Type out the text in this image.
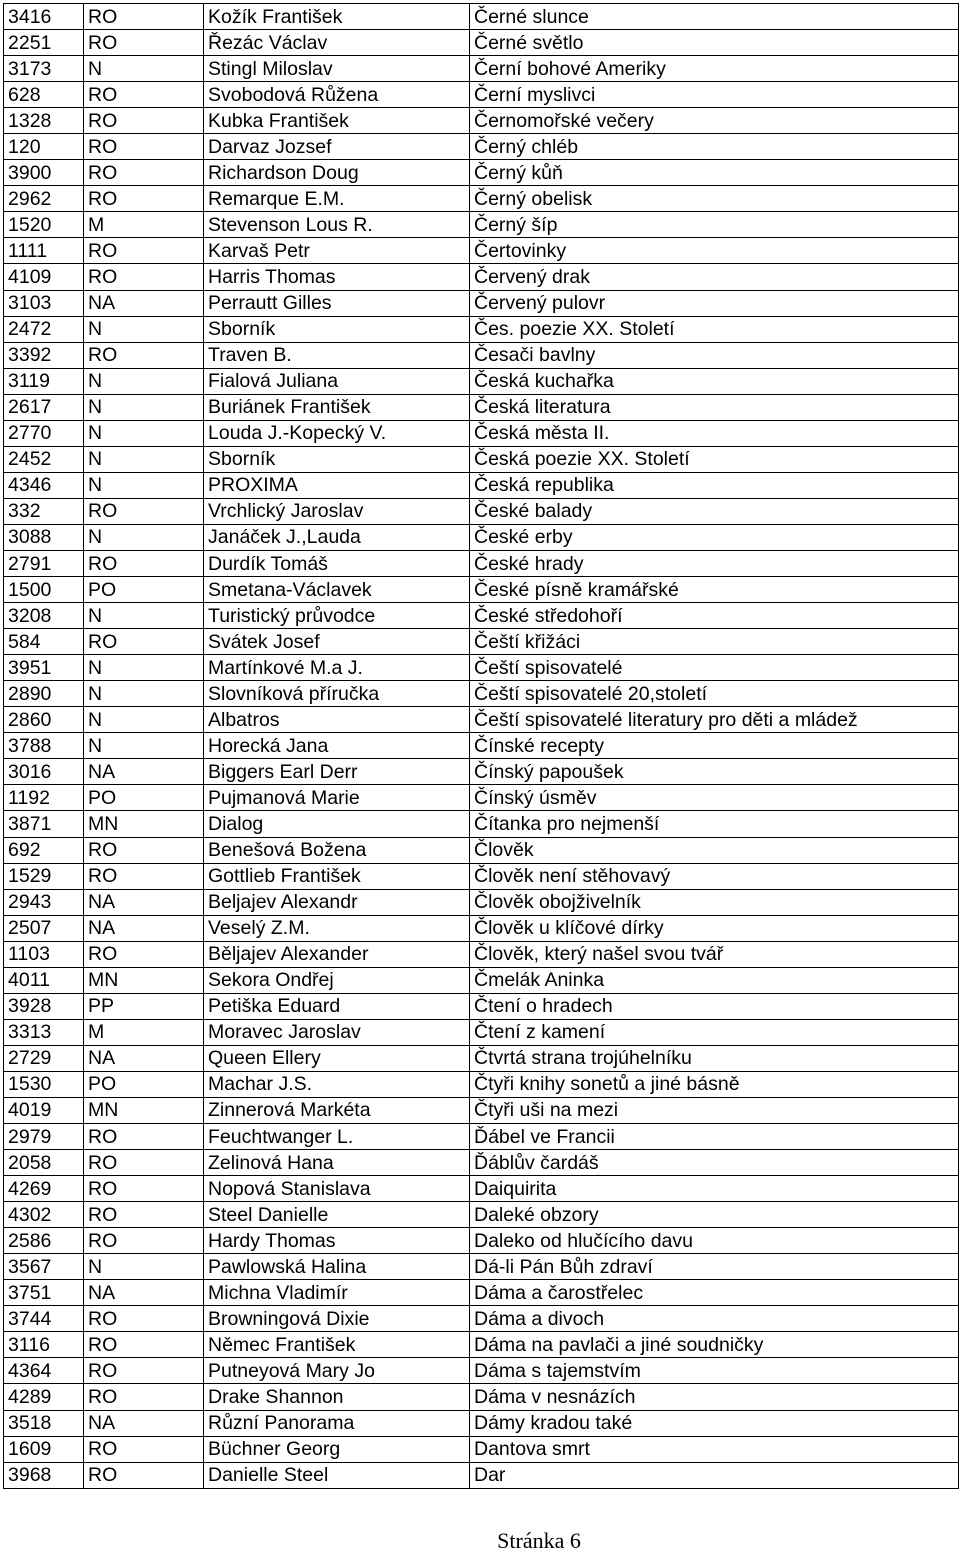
3416	RO	Kožík František	Černé slunce
2251	RO	Řezác Václav	Černé světlo
3173	N	Stingl Miloslav	Černí bohové Ameriky
628	RO	Svobodová Růžena	Černí myslivci
1328	RO	Kubka František	Černomořské večery
120	RO	Darvaz Jozsef	Černý chléb
3900	RO	Richardson Doug	Černý kůň
2962	RO	Remarque E.M.	Černý obelisk
1520	M	Stevenson Lous R.	Černý šíp
1111	RO	Karvaš Petr	Čertovinky
4109	RO	Harris Thomas	Červený drak
3103	NA	Perrautt Gilles	Červený pulovr
2472	N	Sborník	Čes. poezie XX. Století
3392	RO	Traven B.	Česači bavlny
3119	N	Fialová Juliana	Česká kuchařka
2617	N	Buriánek František	Česká literatura
2770	N	Louda J.-Kopecký V.	Česká města II.
2452	N	Sborník	Česká poezie XX. Století
4346	N	PROXIMA	Česká republika
332	RO	Vrchlický Jaroslav	České balady
3088	N	Janáček J.,Lauda	České erby
2791	RO	Durdík Tomáš	České hrady
1500	PO	Smetana-Václavek	České písně kramářské
3208	N	Turistický průvodce	České středohoří
584	RO	Svátek Josef	Čeští křižáci
3951	N	Martínkové M.a J.	Čeští spisovatelé
2890	N	Slovníková příručka	Čeští spisovatelé 20,století
2860	N	Albatros	Čeští spisovatelé literatury pro děti a mládež
3788	N	Horecká Jana	Čínské recepty
3016	NA	Biggers Earl Derr	Čínský papoušek
1192	PO	Pujmanová Marie	Čínský úsměv
3871	MN	Dialog	Čítanka pro nejmenší
692	RO	Benešová Božena	Člověk
1529	RO	Gottlieb František	Člověk není stěhovavý
2943	NA	Beljajev Alexandr	Člověk obojživelník
2507	NA	Veselý Z.M.	Člověk u klíčové dírky
1103	RO	Běljajev Alexander	Člověk, který našel svou tvář
4011	MN	Sekora Ondřej	Čmelák Aninka
3928	PP	Petiška Eduard	Čtení o hradech
3313	M	Moravec Jaroslav	Čtení z kamení
2729	NA	Queen Ellery	Čtvrtá strana trojúhelníku
1530	PO	Machar J.S.	Čtyři knihy sonetů a jiné básně
4019	MN	Zinnerová Markéta	Čtyři uši na mezi
2979	RO	Feuchtwanger L.	Ďábel ve Francii
2058	RO	Zelinová Hana	Ďáblův čardáš
4269	RO	Nopová Stanislava	Daiquirita
4302	RO	Steel Danielle	Daleké obzory
2586	RO	Hardy Thomas	Daleko od hlučícího davu
3567	N	Pawlowská Halina	Dá-li Pán Bůh zdraví
3751	NA	Michna Vladimír	Dáma a čarostřelec
3744	RO	Browningová Dixie	Dáma a divoch
3116	RO	Němec František	Dáma na pavlači a jiné soudničky
4364	RO	Putneyová Mary Jo	Dáma s tajemstvím
4289	RO	Drake Shannon	Dáma v nesnázích
3518	NA	Různí Panorama	Dámy kradou také
1609	RO	Büchner Georg	Dantova smrt
3968	RO	Danielle Steel	Dar
Stránka 6
